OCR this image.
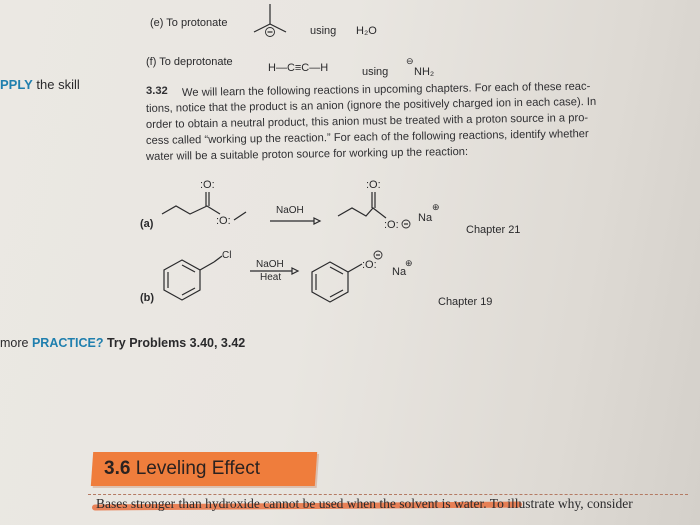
(e) To protonate
using H₂O
(f) To deprotonate	H—C≡C—H	using
⊖
NH₂
PPLY the skill	3.32 We will learn the following reactions in upcoming chapters. For each of these reac-
tions, notice that the product is an anion (ignore the positively charged ion in each case). In
order to obtain a neutral product, this anion must be treated with a proton source in a pro-
cess called “working up the reaction.” For each of the following reactions, identify whether
water will be a suitable proton source for working up the reaction:
(a)
:O:
:O:
NaOH
:O:
:O:
Na
⊕
Chapter 21
Cl
NaOH
Heat
:O:
Na
⊕
(b)	Chapter 19
more PRACTICE? Try Problems 3.40, 3.42
3.6 Leveling Effect
Bases stronger than hydroxide cannot be used when the solvent is water. To illustrate why, consider
